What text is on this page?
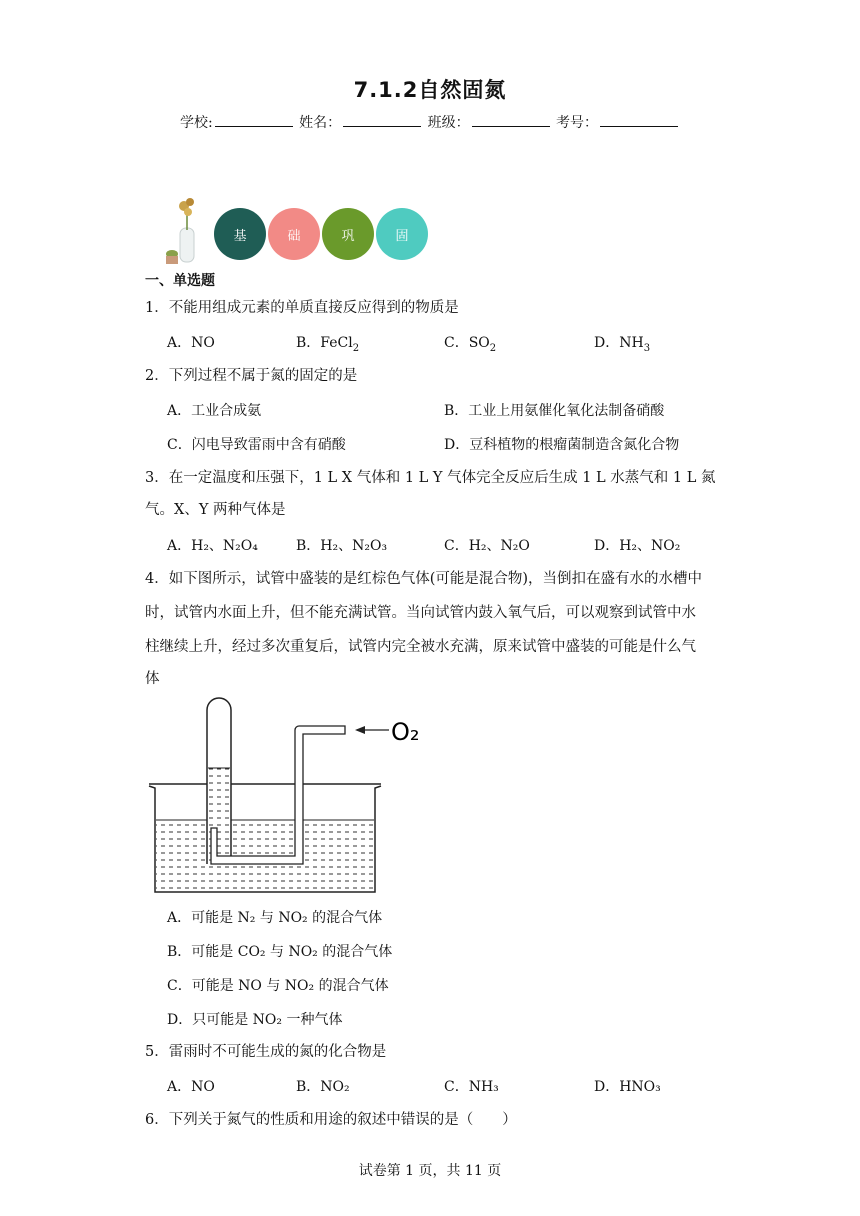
7.1.2自然固氮
学校:	姓名：	班级：	考号：
基	础	巩	固
一、单选题
1．不能用组成元素的单质直接反应得到的物质是
A．NO	B．FeCl$_2$	C．$SO_2$	D．$NH_3$
2．下列过程不属于氮的固定的是
A．工业合成氨	B．工业上用氨催化氧化法制备硝酸
C．闪电导致雷雨中含有硝酸	D．豆科植物的根瘤菌制造含氮化合物
3．在一定温度和压强下，1 L X 气体和 1 L Y 气体完全反应后生成 1 L 水蒸气和 1 L 氮
气。X、Y 两种气体是
A．H₂、N₂O₄	B．H₂、N₂O₃	C．H₂、N₂O	D．H₂、NO₂
4．如下图所示，试管中盛装的是红棕色气体(可能是混合物)，当倒扣在盛有水的水槽中
时，试管内水面上升，但不能充满试管。当向试管内鼓入氧气后，可以观察到试管中水
柱继续上升，经过多次重复后，试管内完全被水充满，原来试管中盛装的可能是什么气
体
O₂
A．可能是 N₂ 与 NO₂ 的混合气体
B．可能是 CO₂ 与 NO₂ 的混合气体
C．可能是 NO 与 NO₂ 的混合气体
D．只可能是 NO₂ 一种气体
5．雷雨时不可能生成的氮的化合物是
A．NO	B．NO₂	C．NH₃	D．HNO₃
6．下列关于氮气的性质和用途的叙述中错误的是（　　）
试卷第 1 页，共 11 页
